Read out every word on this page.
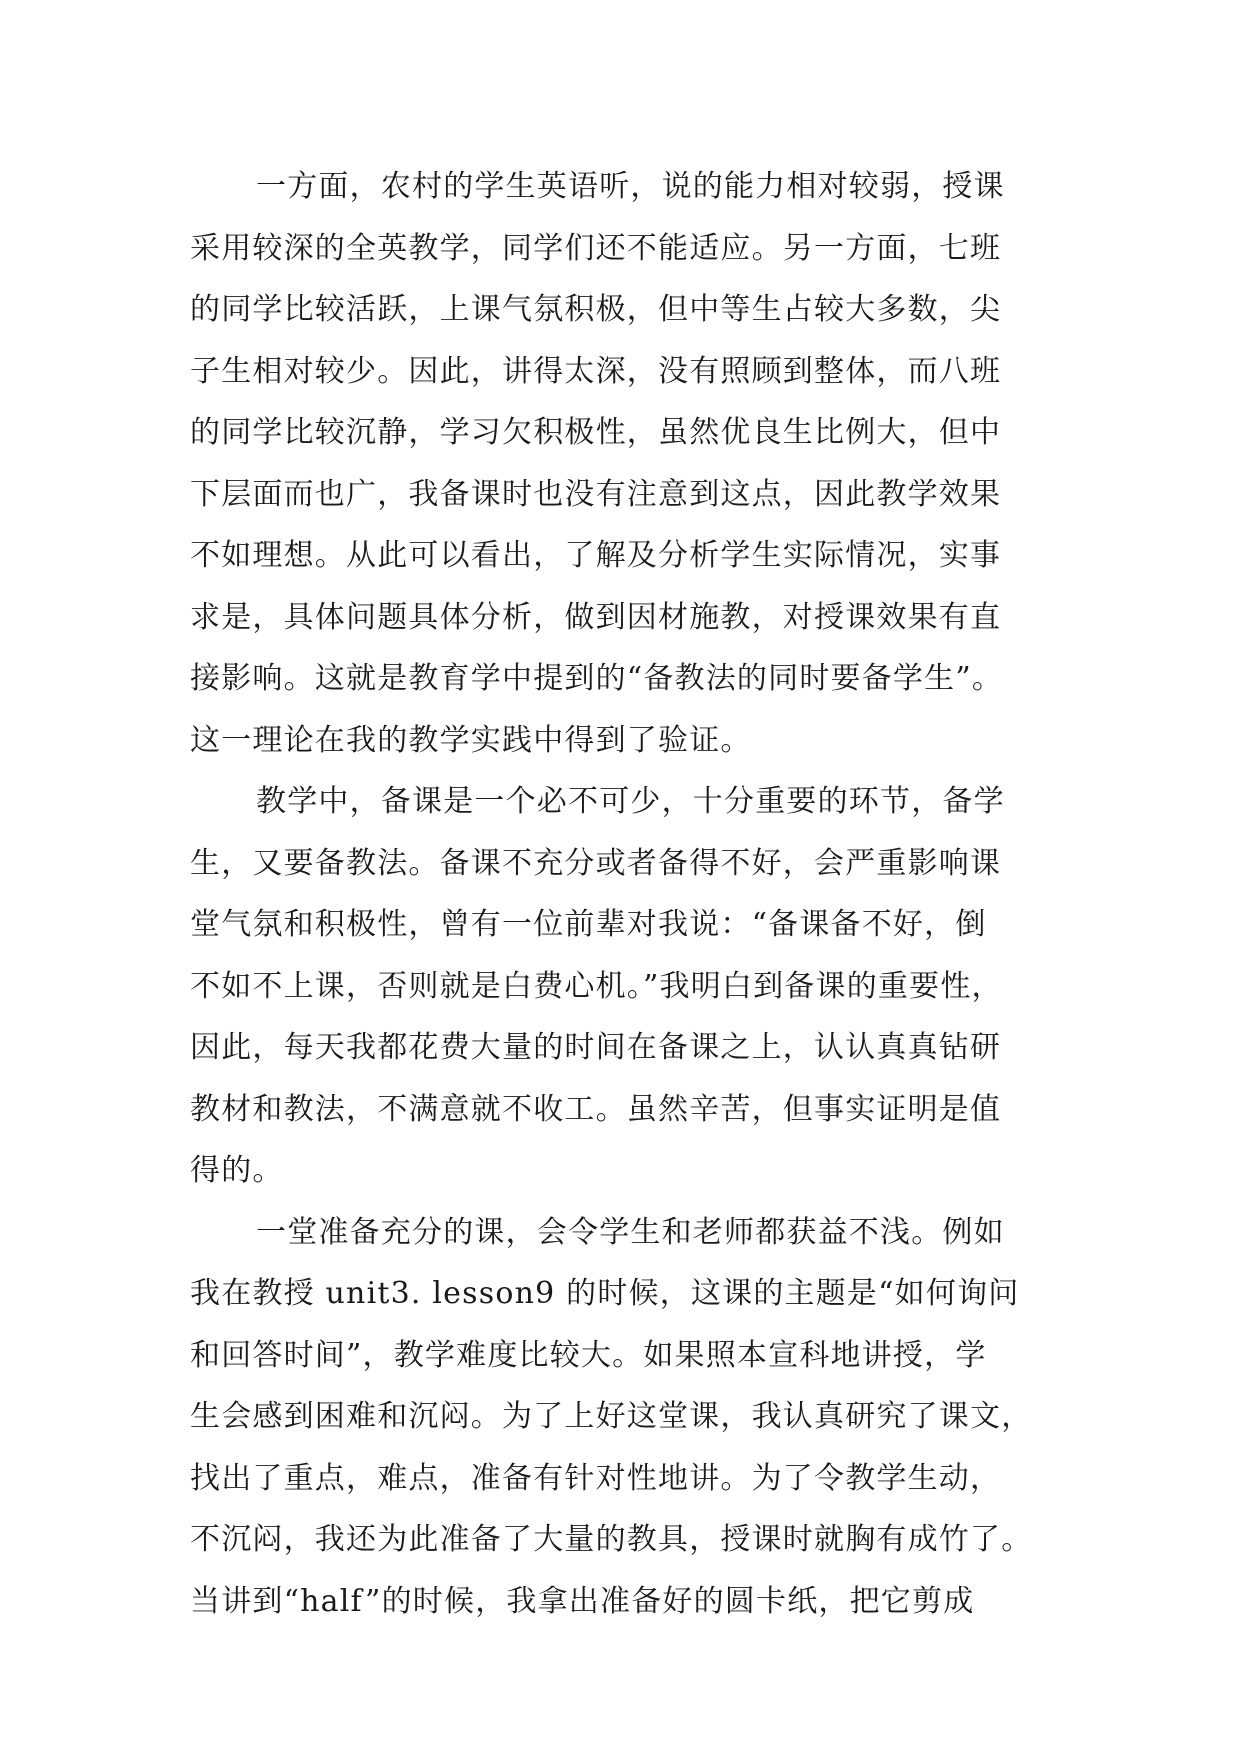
一方面，农村的学生英语听，说的能力相对较弱，授课
采用较深的全英教学，同学们还不能适应。另一方面，七班
的同学比较活跃，上课气氛积极，但中等生占较大多数，尖
子生相对较少。因此，讲得太深，没有照顾到整体，而八班
的同学比较沉静，学习欠积极性，虽然优良生比例大，但中
下层面而也广，我备课时也没有注意到这点，因此教学效果
不如理想。从此可以看出，了解及分析学生实际情况，实事
求是，具体问题具体分析，做到因材施教，对授课效果有直
接影响。这就是教育学中提到的“备教法的同时要备学生”。
这一理论在我的教学实践中得到了验证。
教学中，备课是一个必不可少，十分重要的环节，备学
生，又要备教法。备课不充分或者备得不好，会严重影响课
堂气氛和积极性，曾有一位前辈对我说：“备课备不好，倒
不如不上课，否则就是白费心机。”我明白到备课的重要性，
因此，每天我都花费大量的时间在备课之上，认认真真钻研
教材和教法，不满意就不收工。虽然辛苦，但事实证明是值
得的。
一堂准备充分的课，会令学生和老师都获益不浅。例如
我在教授 unit3. lesson9 的时候，这课的主题是“如何询问
和回答时间”，教学难度比较大。如果照本宣科地讲授，学
生会感到困难和沉闷。为了上好这堂课，我认真研究了课文，
找出了重点，难点，准备有针对性地讲。为了令教学生动，
不沉闷，我还为此准备了大量的教具，授课时就胸有成竹了。
当讲到“half”的时候，我拿出准备好的圆卡纸，把它剪成
